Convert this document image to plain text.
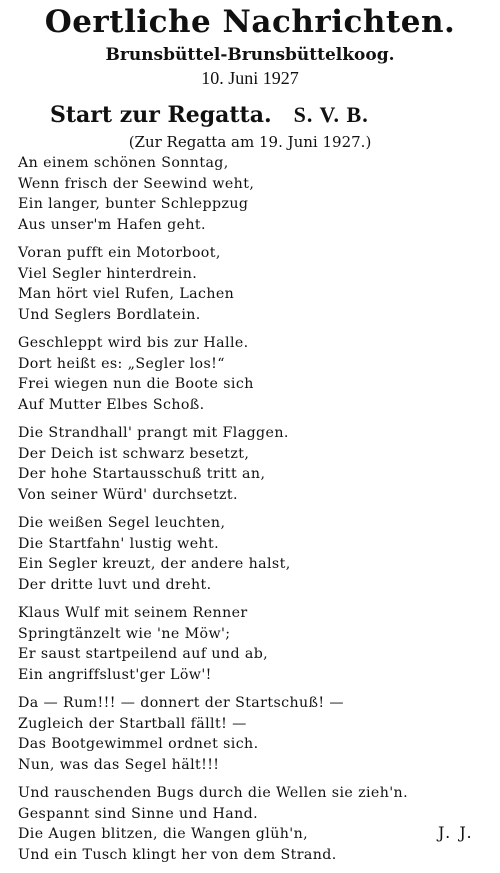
Oertliche Nachrichten.
Brunsbüttel-Brunsbüttelkoog.
10. Juni 1927
Start zur Regatta. S. V. B.
(Zur Regatta am 19. Juni 1927.)
An einem schönen Sonntag,
Wenn frisch der Seewind weht,
Ein langer, bunter Schleppzug
Aus unser'm Hafen geht.
Voran pufft ein Motorboot,
Viel Segler hinterdrein.
Man hört viel Rufen, Lachen
Und Seglers Bordlatein.
Geschleppt wird bis zur Halle.
Dort heißt es: „Segler los!“
Frei wiegen nun die Boote sich
Auf Mutter Elbes Schoß.
Die Strandhall' prangt mit Flaggen.
Der Deich ist schwarz besetzt,
Der hohe Startausschuß tritt an,
Von seiner Würd' durchsetzt.
Die weißen Segel leuchten,
Die Startfahn' lustig weht.
Ein Segler kreuzt, der andere halst,
Der dritte luvt und dreht.
Klaus Wulf mit seinem Renner
Springtänzelt wie 'ne Möw';
Er saust startpeilend auf und ab,
Ein angriffslust'ger Löw'!
Da — Rum!!! — donnert der Startschuß! —
Zugleich der Startball fällt! —
Das Bootgewimmel ordnet sich.
Nun, was das Segel hält!!!
Und rauschenden Bugs durch die Wellen sie zieh'n.
Gespannt sind Sinne und Hand.
Die Augen blitzen, die Wangen glüh'n,
Und ein Tusch klingt her von dem Strand.
J. J.
